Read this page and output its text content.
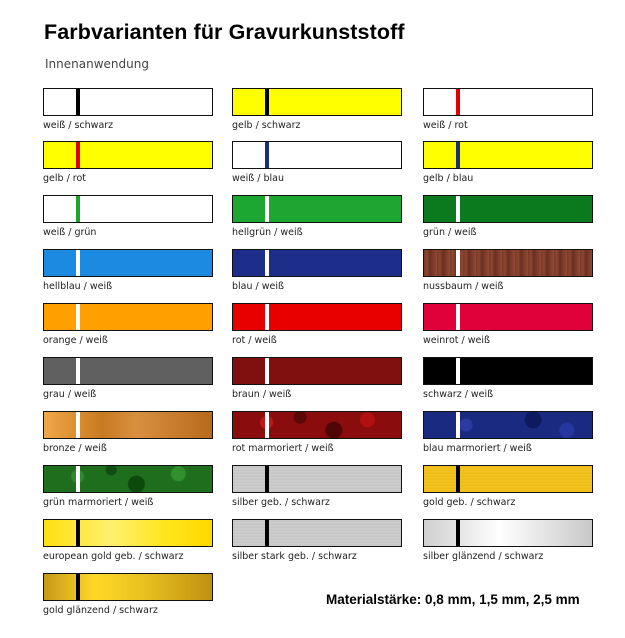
Farbvarianten für Gravurkunststoff
Innenanwendung
weiß / schwarz	gelb / schwarz	weiß / rot
gelb / rot	weiß / blau	gelb / blau
weiß / grün	hellgrün / weiß	grün / weiß
hellblau / weiß	blau / weiß	nussbaum / weiß
orange / weiß	rot / weiß	weinrot / weiß
grau / weiß	braun / weiß	schwarz / weiß
bronze / weiß	rot marmoriert / weiß	blau marmoriert / weiß
grün marmoriert / weiß	silber geb. / schwarz	gold geb. / schwarz
european gold geb. / schwarz	silber stark geb. / schwarz	silber glänzend / schwarz
gold glänzend / schwarz
Materialstärke: 0,8 mm, 1,5 mm, 2,5 mm
